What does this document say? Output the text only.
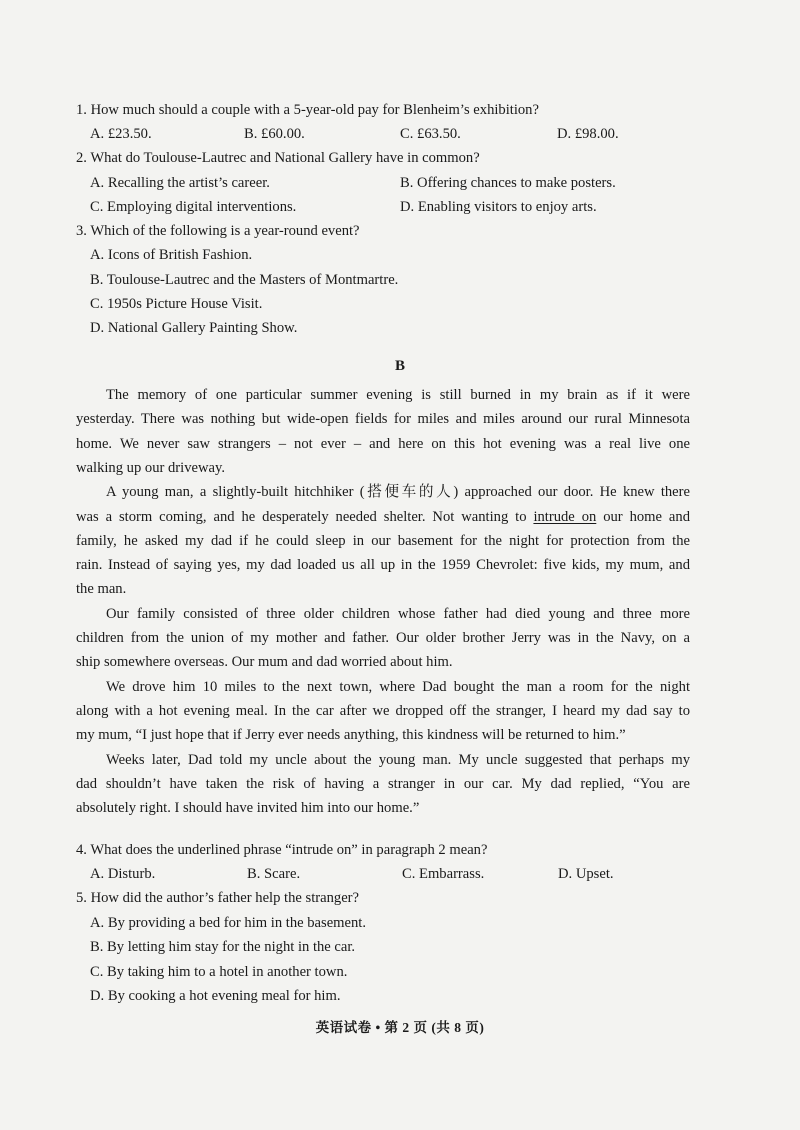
1. How much should a couple with a 5-year-old pay for Blenheim’s exhibition?
A. £23.50.	B. £60.00.	C. £63.50.	D. £98.00.
2. What do Toulouse-Lautrec and National Gallery have in common?
A. Recalling the artist’s career.	B. Offering chances to make posters.
C. Employing digital interventions.	D. Enabling visitors to enjoy arts.
3. Which of the following is a year-round event?
A. Icons of British Fashion.
B. Toulouse-Lautrec and the Masters of Montmartre.
C. 1950s Picture House Visit.
D. National Gallery Painting Show.
B
The memory of one particular summer evening is still burned in my brain as if it were
yesterday. There was nothing but wide-open fields for miles and miles around our rural Minnesota
home. We never saw strangers – not ever – and here on this hot evening was a real live one
walking up our driveway.
A young man, a slightly-built hitchhiker (搭便车的人) approached our door. He knew there
was a storm coming, and he desperately needed shelter. Not wanting to intrude on our home and
family, he asked my dad if he could sleep in our basement for the night for protection from the
rain. Instead of saying yes, my dad loaded us all up in the 1959 Chevrolet: five kids, my mum, and
the man.
Our family consisted of three older children whose father had died young and three more
children from the union of my mother and father. Our older brother Jerry was in the Navy, on a
ship somewhere overseas. Our mum and dad worried about him.
We drove him 10 miles to the next town, where Dad bought the man a room for the night
along with a hot evening meal. In the car after we dropped off the stranger, I heard my dad say to
my mum, “I just hope that if Jerry ever needs anything, this kindness will be returned to him.”
Weeks later, Dad told my uncle about the young man. My uncle suggested that perhaps my
dad shouldn’t have taken the risk of having a stranger in our car. My dad replied, “You are
absolutely right. I should have invited him into our home.”
4. What does the underlined phrase “intrude on” in paragraph 2 mean?
A. Disturb.	B. Scare.	C. Embarrass.	D. Upset.
5. How did the author’s father help the stranger?
A. By providing a bed for him in the basement.
B. By letting him stay for the night in the car.
C. By taking him to a hotel in another town.
D. By cooking a hot evening meal for him.
英语试卷 • 第 2 页 (共 8 页)
